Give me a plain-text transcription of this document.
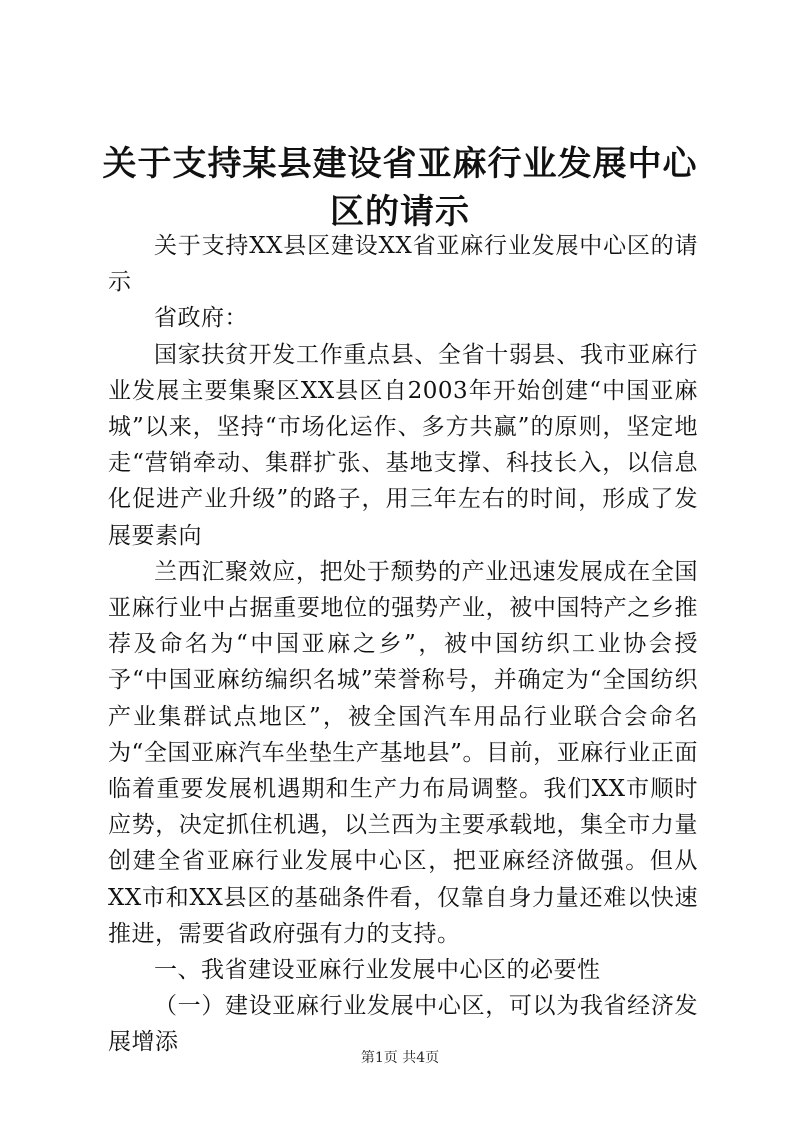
关于支持某县建设省亚麻行业发展中心区的请示

关于支持XX县区建设XX省亚麻行业发展中心区的请示

省政府：

国家扶贫开发工作重点县、全省十弱县、我市亚麻行业发展主要集聚区XX县区自2003年开始创建“中国亚麻城”以来，坚持“市场化运作、多方共赢”的原则，坚定地走“营销牵动、集群扩张、基地支撑、科技长入，以信息化促进产业升级”的路子，用三年左右的时间，形成了发展要素向

兰西汇聚效应，把处于颓势的产业迅速发展成在全国亚麻行业中占据重要地位的强势产业，被中国特产之乡推荐及命名为“中国亚麻之乡”，被中国纺织工业协会授予“中国亚麻纺编织名城”荣誉称号，并确定为“全国纺织产业集群试点地区”，被全国汽车用品行业联合会命名为“全国亚麻汽车坐垫生产基地县”。目前，亚麻行业正面临着重要发展机遇期和生产力布局调整。我们XX市顺时应势，决定抓住机遇，以兰西为主要承载地，集全市力量创建全省亚麻行业发展中心区，把亚麻经济做强。但从XX市和XX县区的基础条件看，仅靠自身力量还难以快速推进，需要省政府强有力的支持。

一、我省建设亚麻行业发展中心区的必要性

（一）建设亚麻行业发展中心区，可以为我省经济发展增添

第1页 共4页
